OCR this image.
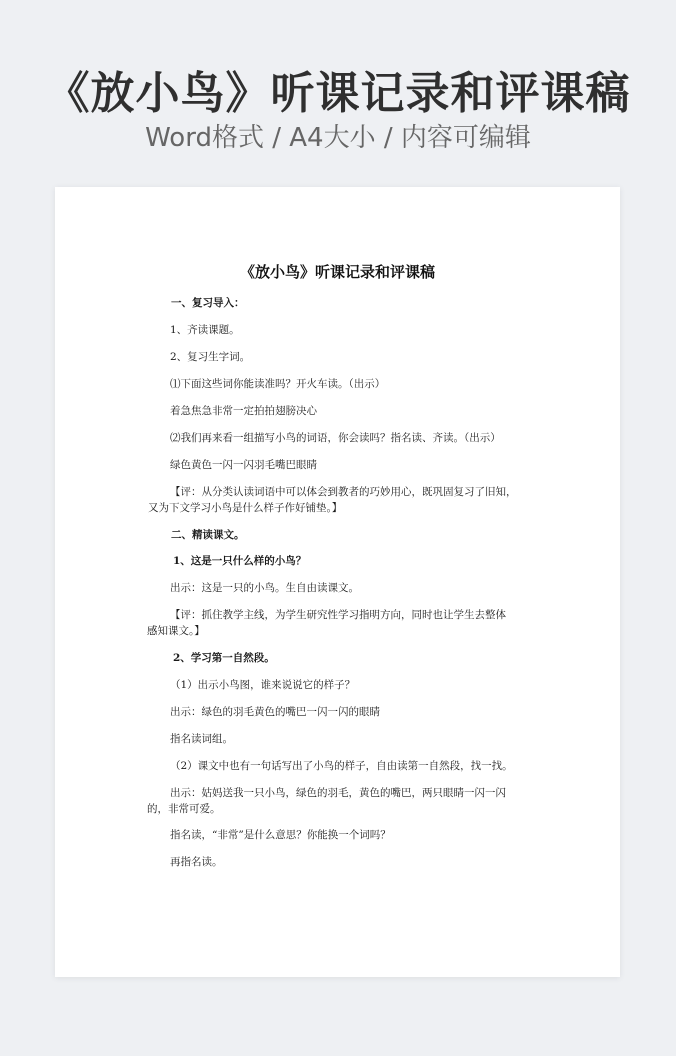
《放小鸟》听课记录和评课稿
Word格式 / A4大小 / 内容可编辑
《放小鸟》听课记录和评课稿
一、复习导入：
1、齐读课题。
2、复习生字词。
⑴下面这些词你能读准吗？开火车读。（出示）
着急焦急非常一定拍拍翅膀决心
⑵我们再来看一组描写小鸟的词语，你会读吗？指名读、齐读。（出示）
绿色黄色一闪一闪羽毛嘴巴眼睛
【评：从分类认读词语中可以体会到教者的巧妙用心，既巩固复习了旧知，
又为下文学习小鸟是什么样子作好铺垫。】
二、精读课文。
1、这是一只什么样的小鸟？
出示：这是一只的小鸟。生自由读课文。
【评：抓住教学主线，为学生研究性学习指明方向，同时也让学生去整体
感知课文。】
2、学习第一自然段。
（1）出示小鸟图，谁来说说它的样子？
出示：绿色的羽毛黄色的嘴巴一闪一闪的眼睛
指名读词组。
（2）课文中也有一句话写出了小鸟的样子，自由读第一自然段，找一找。
出示：姑妈送我一只小鸟，绿色的羽毛，黄色的嘴巴，两只眼睛一闪一闪
的，非常可爱。
指名读，“非常”是什么意思？你能换一个词吗？
再指名读。
